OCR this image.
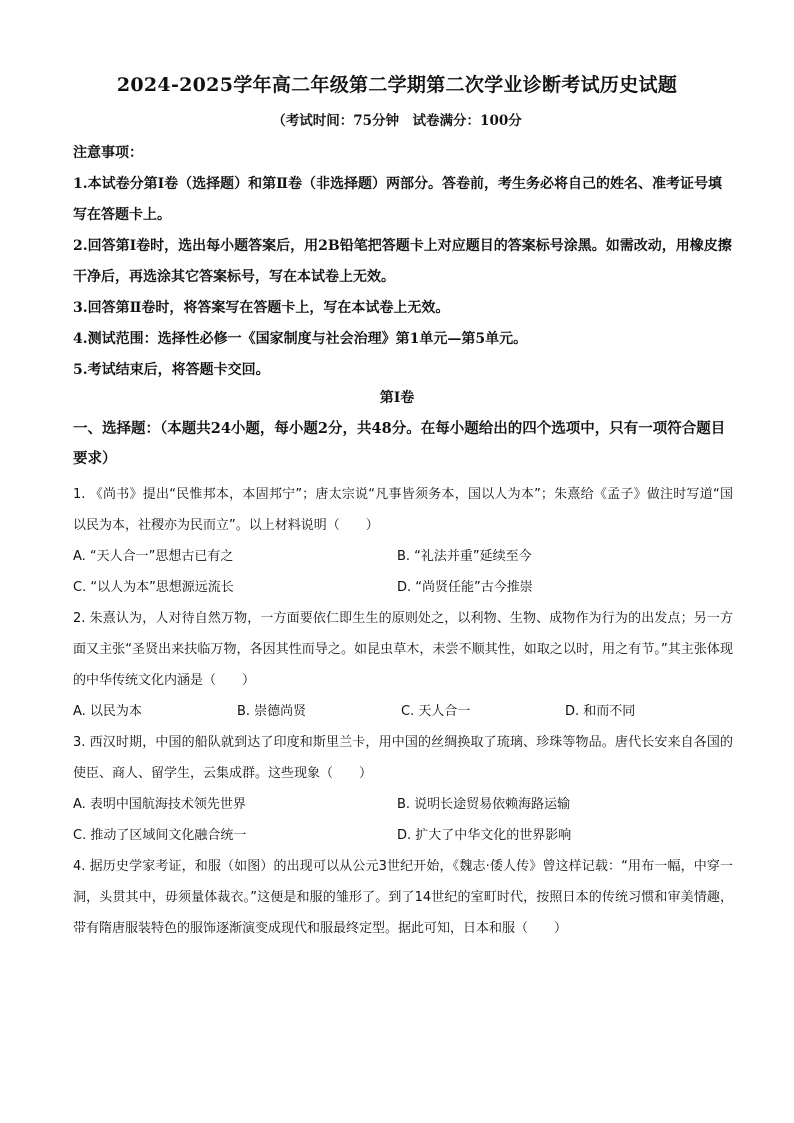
2024-2025学年高二年级第二学期第二次学业诊断考试历史试题
（考试时间：75分钟　试卷满分：100分
注意事项：

1.本试卷分第Ⅰ卷（选择题）和第Ⅱ卷（非选择题）两部分。答卷前，考生务必将自己的姓名、准考证号填写在答题卡上。

2.回答第Ⅰ卷时，选出每小题答案后，用2B铅笔把答题卡上对应题目的答案标号涂黑。如需改动，用橡皮擦干净后，再选涂其它答案标号，写在本试卷上无效。

3.回答第Ⅱ卷时，将答案写在答题卡上，写在本试卷上无效。

4.测试范围：选择性必修一《国家制度与社会治理》第1单元—第5单元。

5.考试结束后，将答题卡交回。

第Ⅰ卷
一、选择题：（本题共24小题，每小题2分，共48分。在每小题给出的四个选项中，只有一项符合题目要求）

1. 《尚书》提出“民惟邦本，本固邦宁”；唐太宗说“凡事皆须务本，国以人为本”；朱熹给《孟子》做注时写道“国以民为本，社稷亦为民而立”。以上材料说明（　　）

A. “天人合一”思想古已有之	B. “礼法并重”延续至今
C. “以人为本”思想源远流长	D. “尚贤任能”古今推崇

2. 朱熹认为，人对待自然万物，一方面要依仁即生生的原则处之，以利物、生物、成物作为行为的出发点；另一方面又主张“圣贤出来扶临万物，各因其性而导之。如昆虫草木，未尝不顺其性，如取之以时，用之有节。”其主张体现的中华传统文化内涵是（　　）

A. 以民为本	B. 崇德尚贤	C. 天人合一	D. 和而不同

3. 西汉时期，中国的船队就到达了印度和斯里兰卡，用中国的丝绸换取了琉璃、珍珠等物品。唐代长安来自各国的使臣、商人、留学生，云集成群。这些现象（　　）

A. 表明中国航海技术领先世界	B. 说明长途贸易依赖海路运输
C. 推动了区域间文化融合统一	D. 扩大了中华文化的世界影响

4. 据历史学家考证，和服（如图）的出现可以从公元3世纪开始，《魏志·倭人传》曾这样记载：“用布一幅，中穿一洞，头贯其中，毋须量体裁衣。”这便是和服的雏形了。到了14世纪的室町时代，按照日本的传统习惯和审美情趣，带有隋唐服装特色的服饰逐渐演变成现代和服最终定型。据此可知，日本和服（　　）
